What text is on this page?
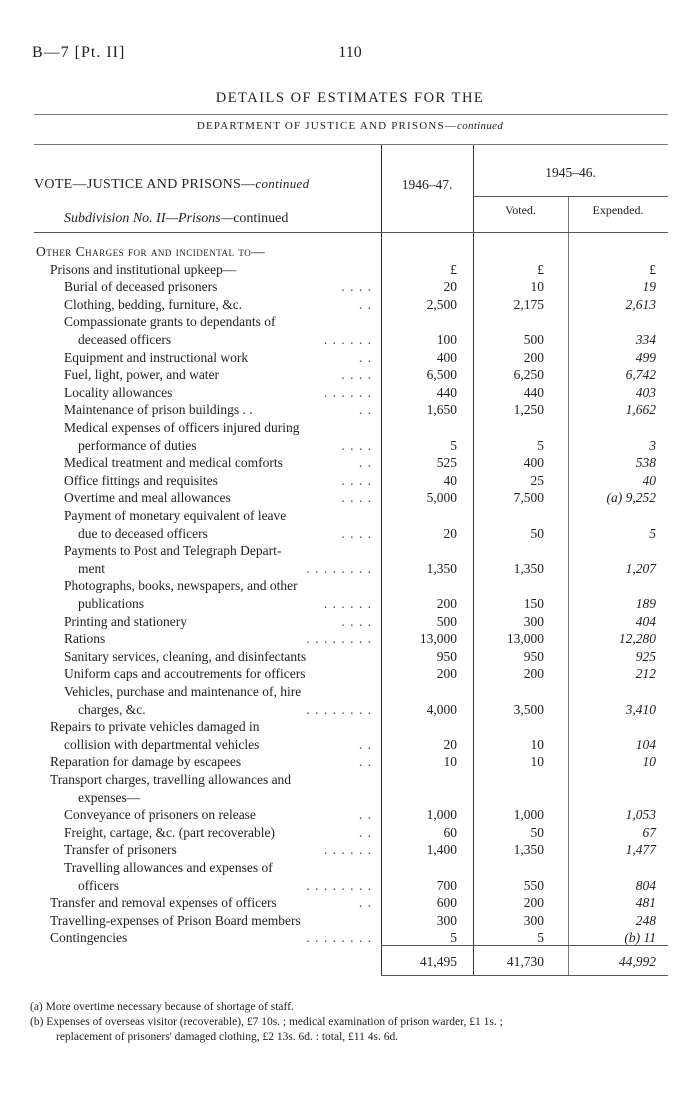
B—7 [Pt. II]	110
DETAILS OF ESTIMATES FOR THE
DEPARTMENT OF JUSTICE AND PRISONS—continued
VOTE—JUSTICE AND PRISONS—continued
Subdivision No. II—Prisons—continued
1946–47.
1945–46.
Voted.	Expended.
Other Charges for and incidental to—
Prisons and institutional upkeep—	£	£	£
Burial of deceased prisoners	. . . .	20	10	19
Clothing, bedding, furniture, &c.	. .	2,500	2,175	2,613
Compassionate grants to dependants of
deceased officers	. . . . . .	100	500	334
Equipment and instructional work	. .	400	200	499
Fuel, light, power, and water	. . . .	6,500	6,250	6,742
Locality allowances	. . . . . .	440	440	403
Maintenance of prison buildings . .	. .	1,650	1,250	1,662
Medical expenses of officers injured during
performance of duties	. . . .	5	5	3
Medical treatment and medical comforts	. .	525	400	538
Office fittings and requisites	. . . .	40	25	40
Overtime and meal allowances	. . . .	5,000	7,500	(a) 9,252
Payment of monetary equivalent of leave
due to deceased officers	. . . .	20	50	5
Payments to Post and Telegraph Depart-
ment	. . . . . . . .	1,350	1,350	1,207
Photographs, books, newspapers, and other
publications	. . . . . .	200	150	189
Printing and stationery	. . . .	500	300	404
Rations	. . . . . . . .	13,000	13,000	12,280
Sanitary services, cleaning, and disinfectants	950	950	925
Uniform caps and accoutrements for officers	200	200	212
Vehicles, purchase and maintenance of, hire
charges, &c.	. . . . . . . .	4,000	3,500	3,410
Repairs to private vehicles damaged in
collision with departmental vehicles	. .	20	10	104
Reparation for damage by escapees	. .	10	10	10
Transport charges, travelling allowances and
expenses—
Conveyance of prisoners on release	. .	1,000	1,000	1,053
Freight, cartage, &c. (part recoverable)	. .	60	50	67
Transfer of prisoners	. . . . . .	1,400	1,350	1,477
Travelling allowances and expenses of
officers	. . . . . . . .	700	550	804
Transfer and removal expenses of officers	. .	600	200	481
Travelling-expenses of Prison Board members	300	300	248
Contingencies	. . . . . . . .	5	5	(b) 11
41,495	41,730	44,992
(a) More overtime necessary because of shortage of staff.
(b) Expenses of overseas visitor (recoverable), £7 10s. ; medical examination of prison warder, £1 1s. ;
replacement of prisoners' damaged clothing, £2 13s. 6d. : total, £11 4s. 6d.
